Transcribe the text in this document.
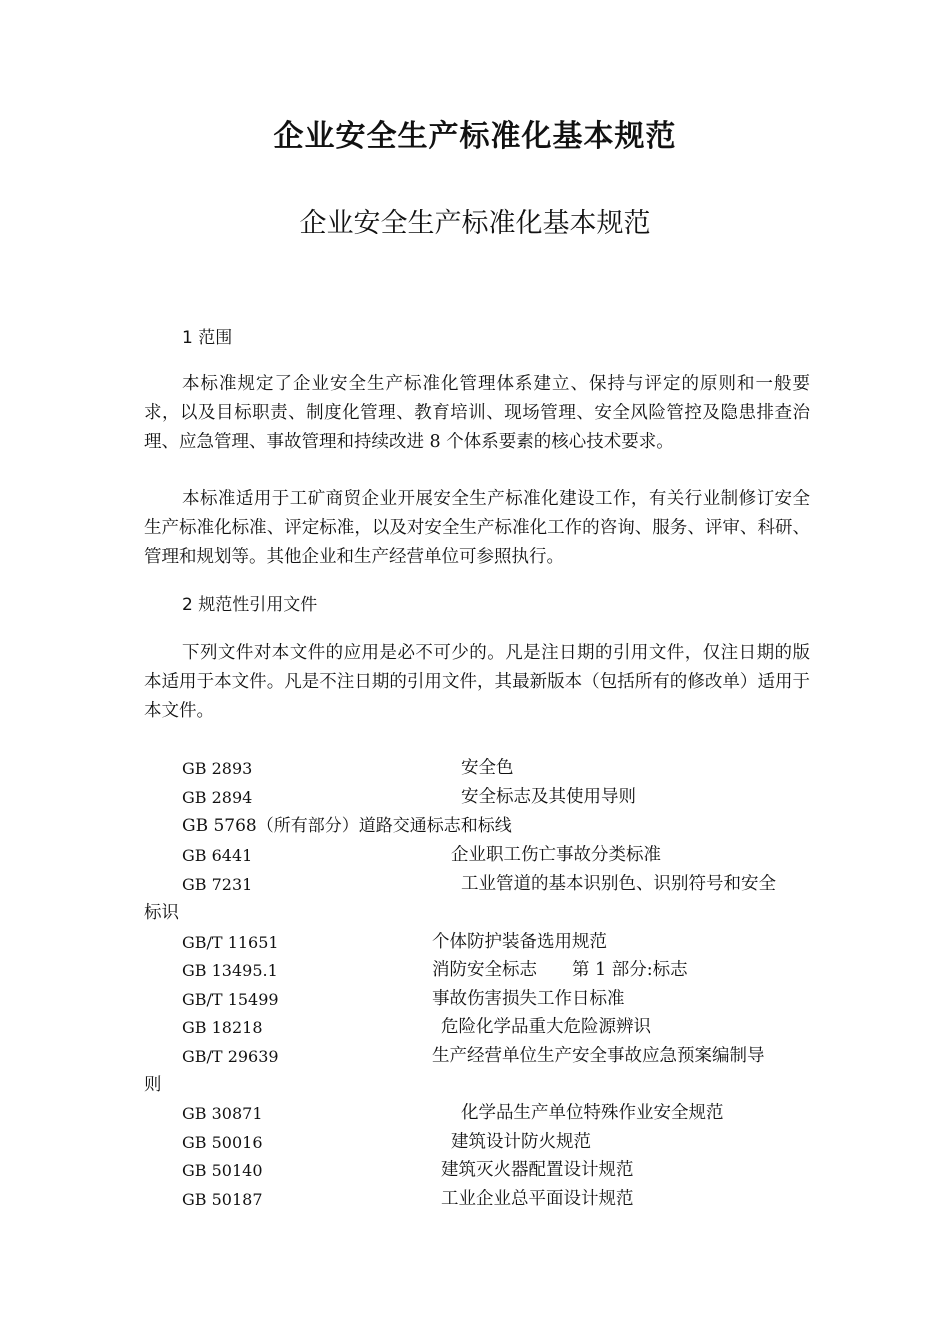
企业安全生产标准化基本规范
企业安全生产标准化基本规范
1 范围

本标准规定了企业安全生产标准化管理体系建立、保持与评定的原则和一般要求，以及目标职责、制度化管理、教育培训、现场管理、安全风险管控及隐患排查治理、应急管理、事故管理和持续改进 8 个体系要素的核心技术要求。

本标准适用于工矿商贸企业开展安全生产标准化建设工作，有关行业制修订安全生产标准化标准、评定标准，以及对安全生产标准化工作的咨询、服务、评审、科研、管理和规划等。其他企业和生产经营单位可参照执行。

2 规范性引用文件

下列文件对本文件的应用是必不可少的。凡是注日期的引用文件，仅注日期的版本适用于本文件。凡是不注日期的引用文件，其最新版本（包括所有的修改单）适用于本文件。

GB 2893	安全色
GB 2894	安全标志及其使用导则
GB 5768（所有部分）道路交通标志和标线
GB 6441	企业职工伤亡事故分类标准
GB 7231	工业管道的基本识别色、识别符号和安全
标识
GB/T 11651	个体防护装备选用规范
GB 13495.1	消防安全标志　　第 1 部分:标志
GB/T 15499	事故伤害损失工作日标准
GB 18218	危险化学品重大危险源辨识
GB/T 29639	生产经营单位生产安全事故应急预案编制导
则
GB 30871	化学品生产单位特殊作业安全规范
GB 50016	建筑设计防火规范
GB 50140	建筑灭火器配置设计规范
GB 50187	工业企业总平面设计规范
